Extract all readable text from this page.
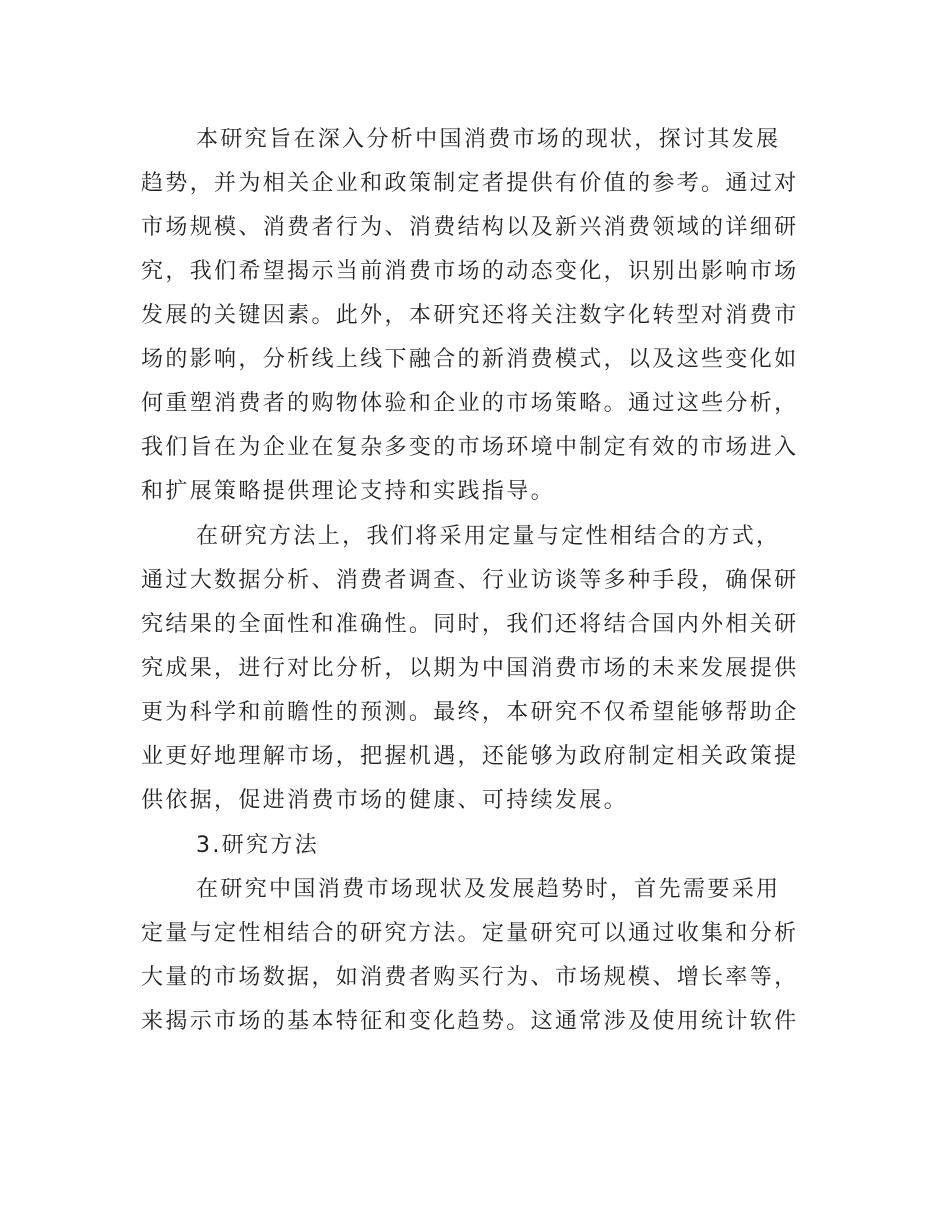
本研究旨在深入分析中国消费市场的现状，探讨其发展
趋势，并为相关企业和政策制定者提供有价值的参考。通过对
市场规模、消费者行为、消费结构以及新兴消费领域的详细研
究，我们希望揭示当前消费市场的动态变化，识别出影响市场
发展的关键因素。此外，本研究还将关注数字化转型对消费市
场的影响，分析线上线下融合的新消费模式，以及这些变化如
何重塑消费者的购物体验和企业的市场策略。通过这些分析，
我们旨在为企业在复杂多变的市场环境中制定有效的市场进入
和扩展策略提供理论支持和实践指导。
在研究方法上，我们将采用定量与定性相结合的方式，
通过大数据分析、消费者调查、行业访谈等多种手段，确保研
究结果的全面性和准确性。同时，我们还将结合国内外相关研
究成果，进行对比分析，以期为中国消费市场的未来发展提供
更为科学和前瞻性的预测。最终，本研究不仅希望能够帮助企
业更好地理解市场，把握机遇，还能够为政府制定相关政策提
供依据，促进消费市场的健康、可持续发展。
3.研究方法
在研究中国消费市场现状及发展趋势时，首先需要采用
定量与定性相结合的研究方法。定量研究可以通过收集和分析
大量的市场数据，如消费者购买行为、市场规模、增长率等，
来揭示市场的基本特征和变化趋势。这通常涉及使用统计软件
